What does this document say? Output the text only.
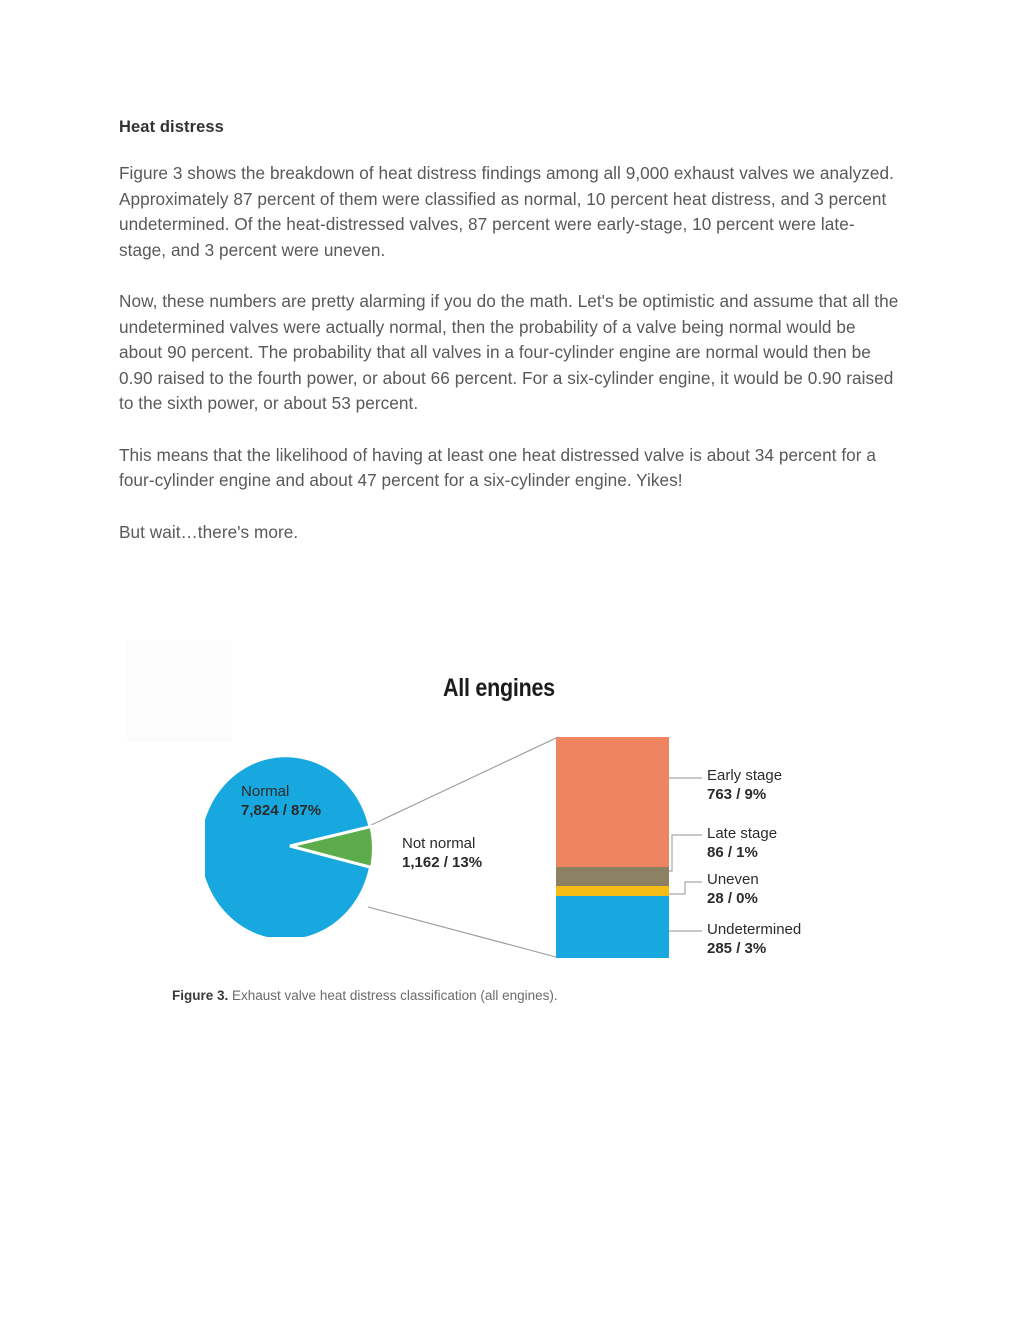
Heat distress

Figure 3 shows the breakdown of heat distress findings among all 9,000 exhaust valves we analyzed. Approximately 87 percent of them were classified as normal, 10 percent heat distress, and 3 percent undetermined. Of the heat-distressed valves, 87 percent were early-stage, 10 percent were late-stage, and 3 percent were uneven.

Now, these numbers are pretty alarming if you do the math. Let's be optimistic and assume that all the undetermined valves were actually normal, then the probability of a valve being normal would be about 90 percent. The probability that all valves in a four-cylinder engine are normal would then be 0.90 raised to the fourth power, or about 66 percent. For a six-cylinder engine, it would be 0.90 raised to the sixth power, or about 53 percent.

This means that the likelihood of having at least one heat distressed valve is about 34 percent for a four-cylinder engine and about 47 percent for a six-cylinder engine. Yikes!

But wait…there's more.

All engines
Normal
7,824 / 87%
Not normal
1,162 / 13%
Early stage
763 / 9%
Late stage
86 / 1%
Uneven
28 / 0%
Undetermined
285 / 3%
Figure 3. Exhaust valve heat distress classification (all engines).
